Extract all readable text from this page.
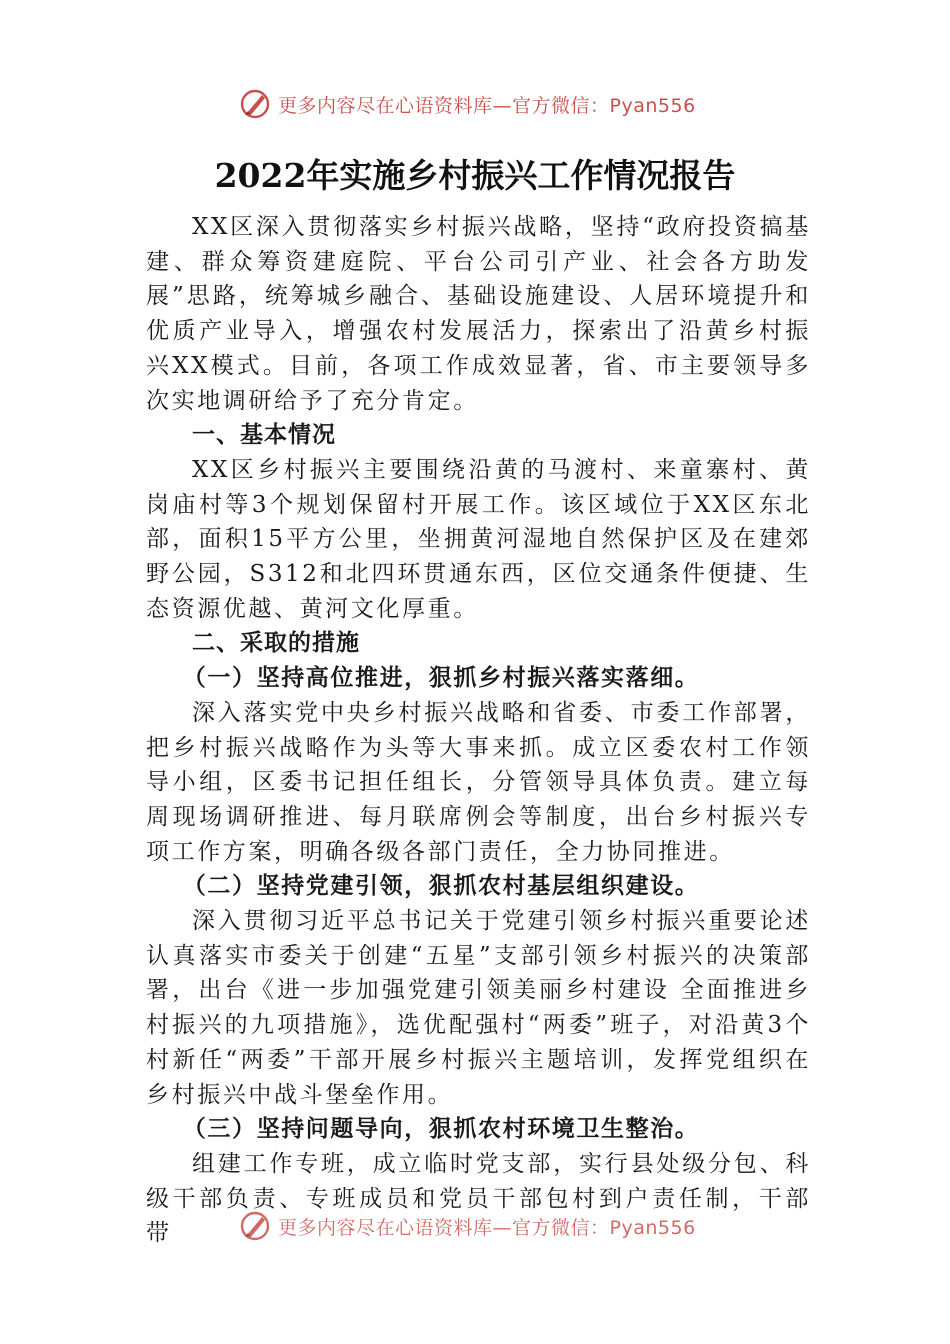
更多内容尽在心语资料库—官方微信：Pyan556
2022年实施乡村振兴工作情况报告

XX区深入贯彻落实乡村振兴战略，坚持“政府投资搞基建、群众筹资建庭院、平台公司引产业、社会各方助发展”思路，统筹城乡融合、基础设施建设、人居环境提升和优质产业导入，增强农村发展活力，探索出了沿黄乡村振兴XX模式。目前，各项工作成效显著，省、市主要领导多次实地调研给予了充分肯定。

一、基本情况

XX区乡村振兴主要围绕沿黄的马渡村、来童寨村、黄岗庙村等3个规划保留村开展工作。该区域位于XX区东北部，面积15平方公里，坐拥黄河湿地自然保护区及在建郊野公园，S312和北四环贯通东西，区位交通条件便捷、生态资源优越、黄河文化厚重。

二、采取的措施

（一）坚持高位推进，狠抓乡村振兴落实落细。

深入落实党中央乡村振兴战略和省委、市委工作部署，把乡村振兴战略作为头等大事来抓。成立区委农村工作领导小组，区委书记担任组长，分管领导具体负责。建立每周现场调研推进、每月联席例会等制度，出台乡村振兴专项工作方案，明确各级各部门责任，全力协同推进。

（二）坚持党建引领，狠抓农村基层组织建设。

深入贯彻习近平总书记关于党建引领乡村振兴重要论述认真落实市委关于创建“五星”支部引领乡村振兴的决策部署，出台《进一步加强党建引领美丽乡村建设 全面推进乡村振兴的九项措施》，选优配强村“两委”班子，对沿黄3个村新任“两委”干部开展乡村振兴主题培训，发挥党组织在乡村振兴中战斗堡垒作用。

（三）坚持问题导向，狠抓农村环境卫生整治。

组建工作专班，成立临时党支部，实行县处级分包、科级干部负责、专班成员和党员干部包村到户责任制，干部带	更多内容尽在心语资料库—官方微信：Pyan556
